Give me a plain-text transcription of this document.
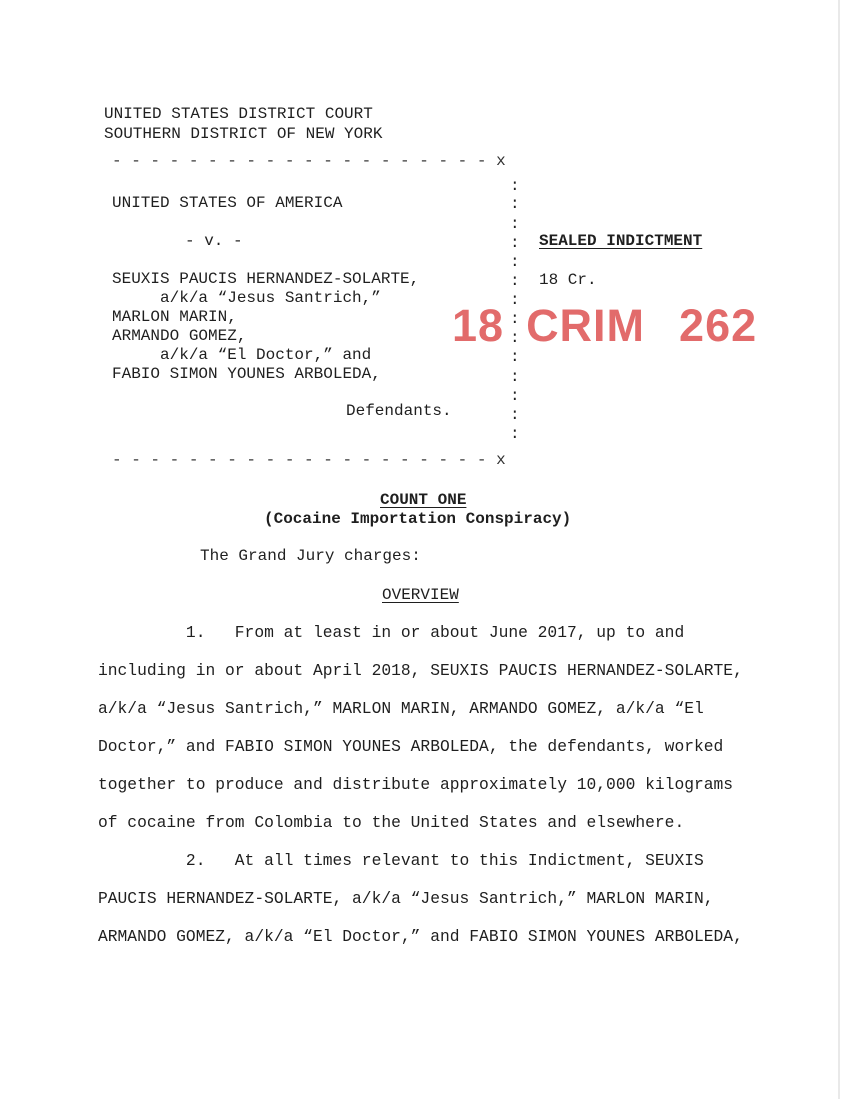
UNITED STATES DISTRICT COURT
SOUTHERN DISTRICT OF NEW YORK
- - - - - - - - - - - - - - - - - - - - x
:
:
:
:
:
:
:
:
:
:
:
:
:
:
UNITED STATES OF AMERICA
- v. -
SEUXIS PAUCIS HERNANDEZ-SOLARTE,
a/k/a “Jesus Santrich,”
MARLON MARIN,
ARMANDO GOMEZ,
a/k/a “El Doctor,” and
FABIO SIMON YOUNES ARBOLEDA,
Defendants.
SEALED INDICTMENT
18 Cr.
18 CRIM 262
- - - - - - - - - - - - - - - - - - - - x
COUNT ONE
(Cocaine Importation Conspiracy)
The Grand Jury charges:
OVERVIEW
1.   From at least in or about June 2017, up to and
including in or about April 2018, SEUXIS PAUCIS HERNANDEZ-SOLARTE,
a/k/a “Jesus Santrich,” MARLON MARIN, ARMANDO GOMEZ, a/k/a “El
Doctor,” and FABIO SIMON YOUNES ARBOLEDA, the defendants, worked
together to produce and distribute approximately 10,000 kilograms
of cocaine from Colombia to the United States and elsewhere.
2.   At all times relevant to this Indictment, SEUXIS
PAUCIS HERNANDEZ-SOLARTE, a/k/a “Jesus Santrich,” MARLON MARIN,
ARMANDO GOMEZ, a/k/a “El Doctor,” and FABIO SIMON YOUNES ARBOLEDA,
